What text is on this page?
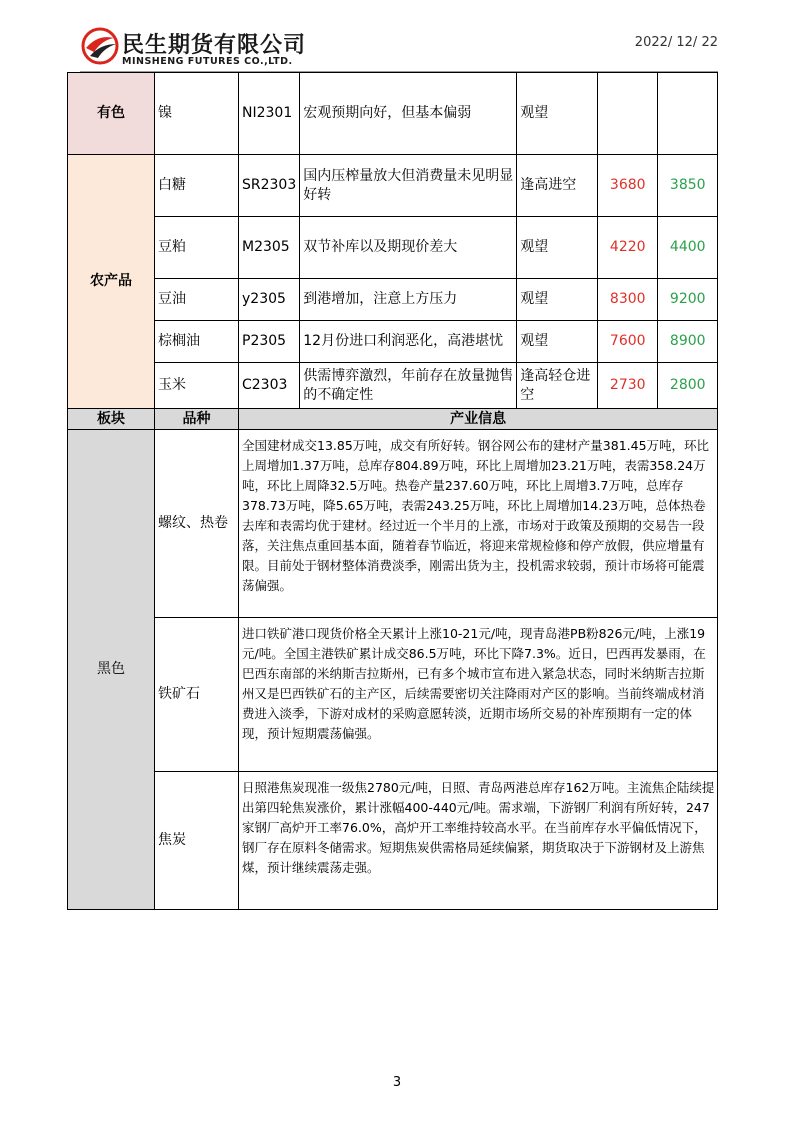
民生期货有限公司
MINSHENG FUTURES CO.,LTD.
2022/ 12/ 22
有色	镍	NI2301	宏观预期向好，但基本偏弱	观望		
农产品	白糖	SR2303	国内压榨量放大但消费量未见明显好转	逢高进空	3680	3850
	豆粕	M2305	双节补库以及期现价差大	观望	4220	4400
	豆油	y2305	到港增加，注意上方压力	观望	8300	9200
	棕榈油	P2305	12月份进口利润恶化，高港堪忧	观望	7600	8900
	玉米	C2303	供需博弈激烈，年前存在放量抛售的不确定性	逢高轻仓进空	2730	2800
板块	品种	产业信息				
黑色	螺纹、热卷	全国建材成交13.85万吨，成交有所好转。钢谷网公布的建材产量381.45万吨，环比上周增加1.37万吨，总库存804.89万吨，环比上周增加23.21万吨，表需358.24万吨，环比上周降32.5万吨。热卷产量237.60万吨，环比上周增3.7万吨，总库存378.73万吨，降5.65万吨，表需243.25万吨，环比上周增加14.23万吨，总体热卷去库和表需均优于建材。经过近一个半月的上涨，市场对于政策及预期的交易告一段落，关注焦点重回基本面，随着春节临近，将迎来常规检修和停产放假，供应增量有限。目前处于钢材整体消费淡季，刚需出货为主，投机需求较弱，预计市场将可能震荡偏强。				
	铁矿石	进口铁矿港口现货价格全天累计上涨10-21元/吨，现青岛港PB粉826元/吨，上涨19元/吨。全国主港铁矿累计成交86.5万吨，环比下降7.3%。近日，巴西再发暴雨，在巴西东南部的米纳斯吉拉斯州，已有多个城市宣布进入紧急状态，同时米纳斯吉拉斯州又是巴西铁矿石的主产区，后续需要密切关注降雨对产区的影响。当前终端成材消费进入淡季，下游对成材的采购意愿转淡，近期市场所交易的补库预期有一定的体现，预计短期震荡偏强。				
	焦炭	日照港焦炭现准一级焦2780元/吨，日照、青岛两港总库存162万吨。主流焦企陆续提出第四轮焦炭涨价，累计涨幅400-440元/吨。需求端，下游钢厂利润有所好转，247家钢厂高炉开工率76.0%，高炉开工率维持较高水平。在当前库存水平偏低情况下，钢厂存在原料冬储需求。短期焦炭供需格局延续偏紧，期货取决于下游钢材及上游焦煤，预计继续震荡走强。				
3
